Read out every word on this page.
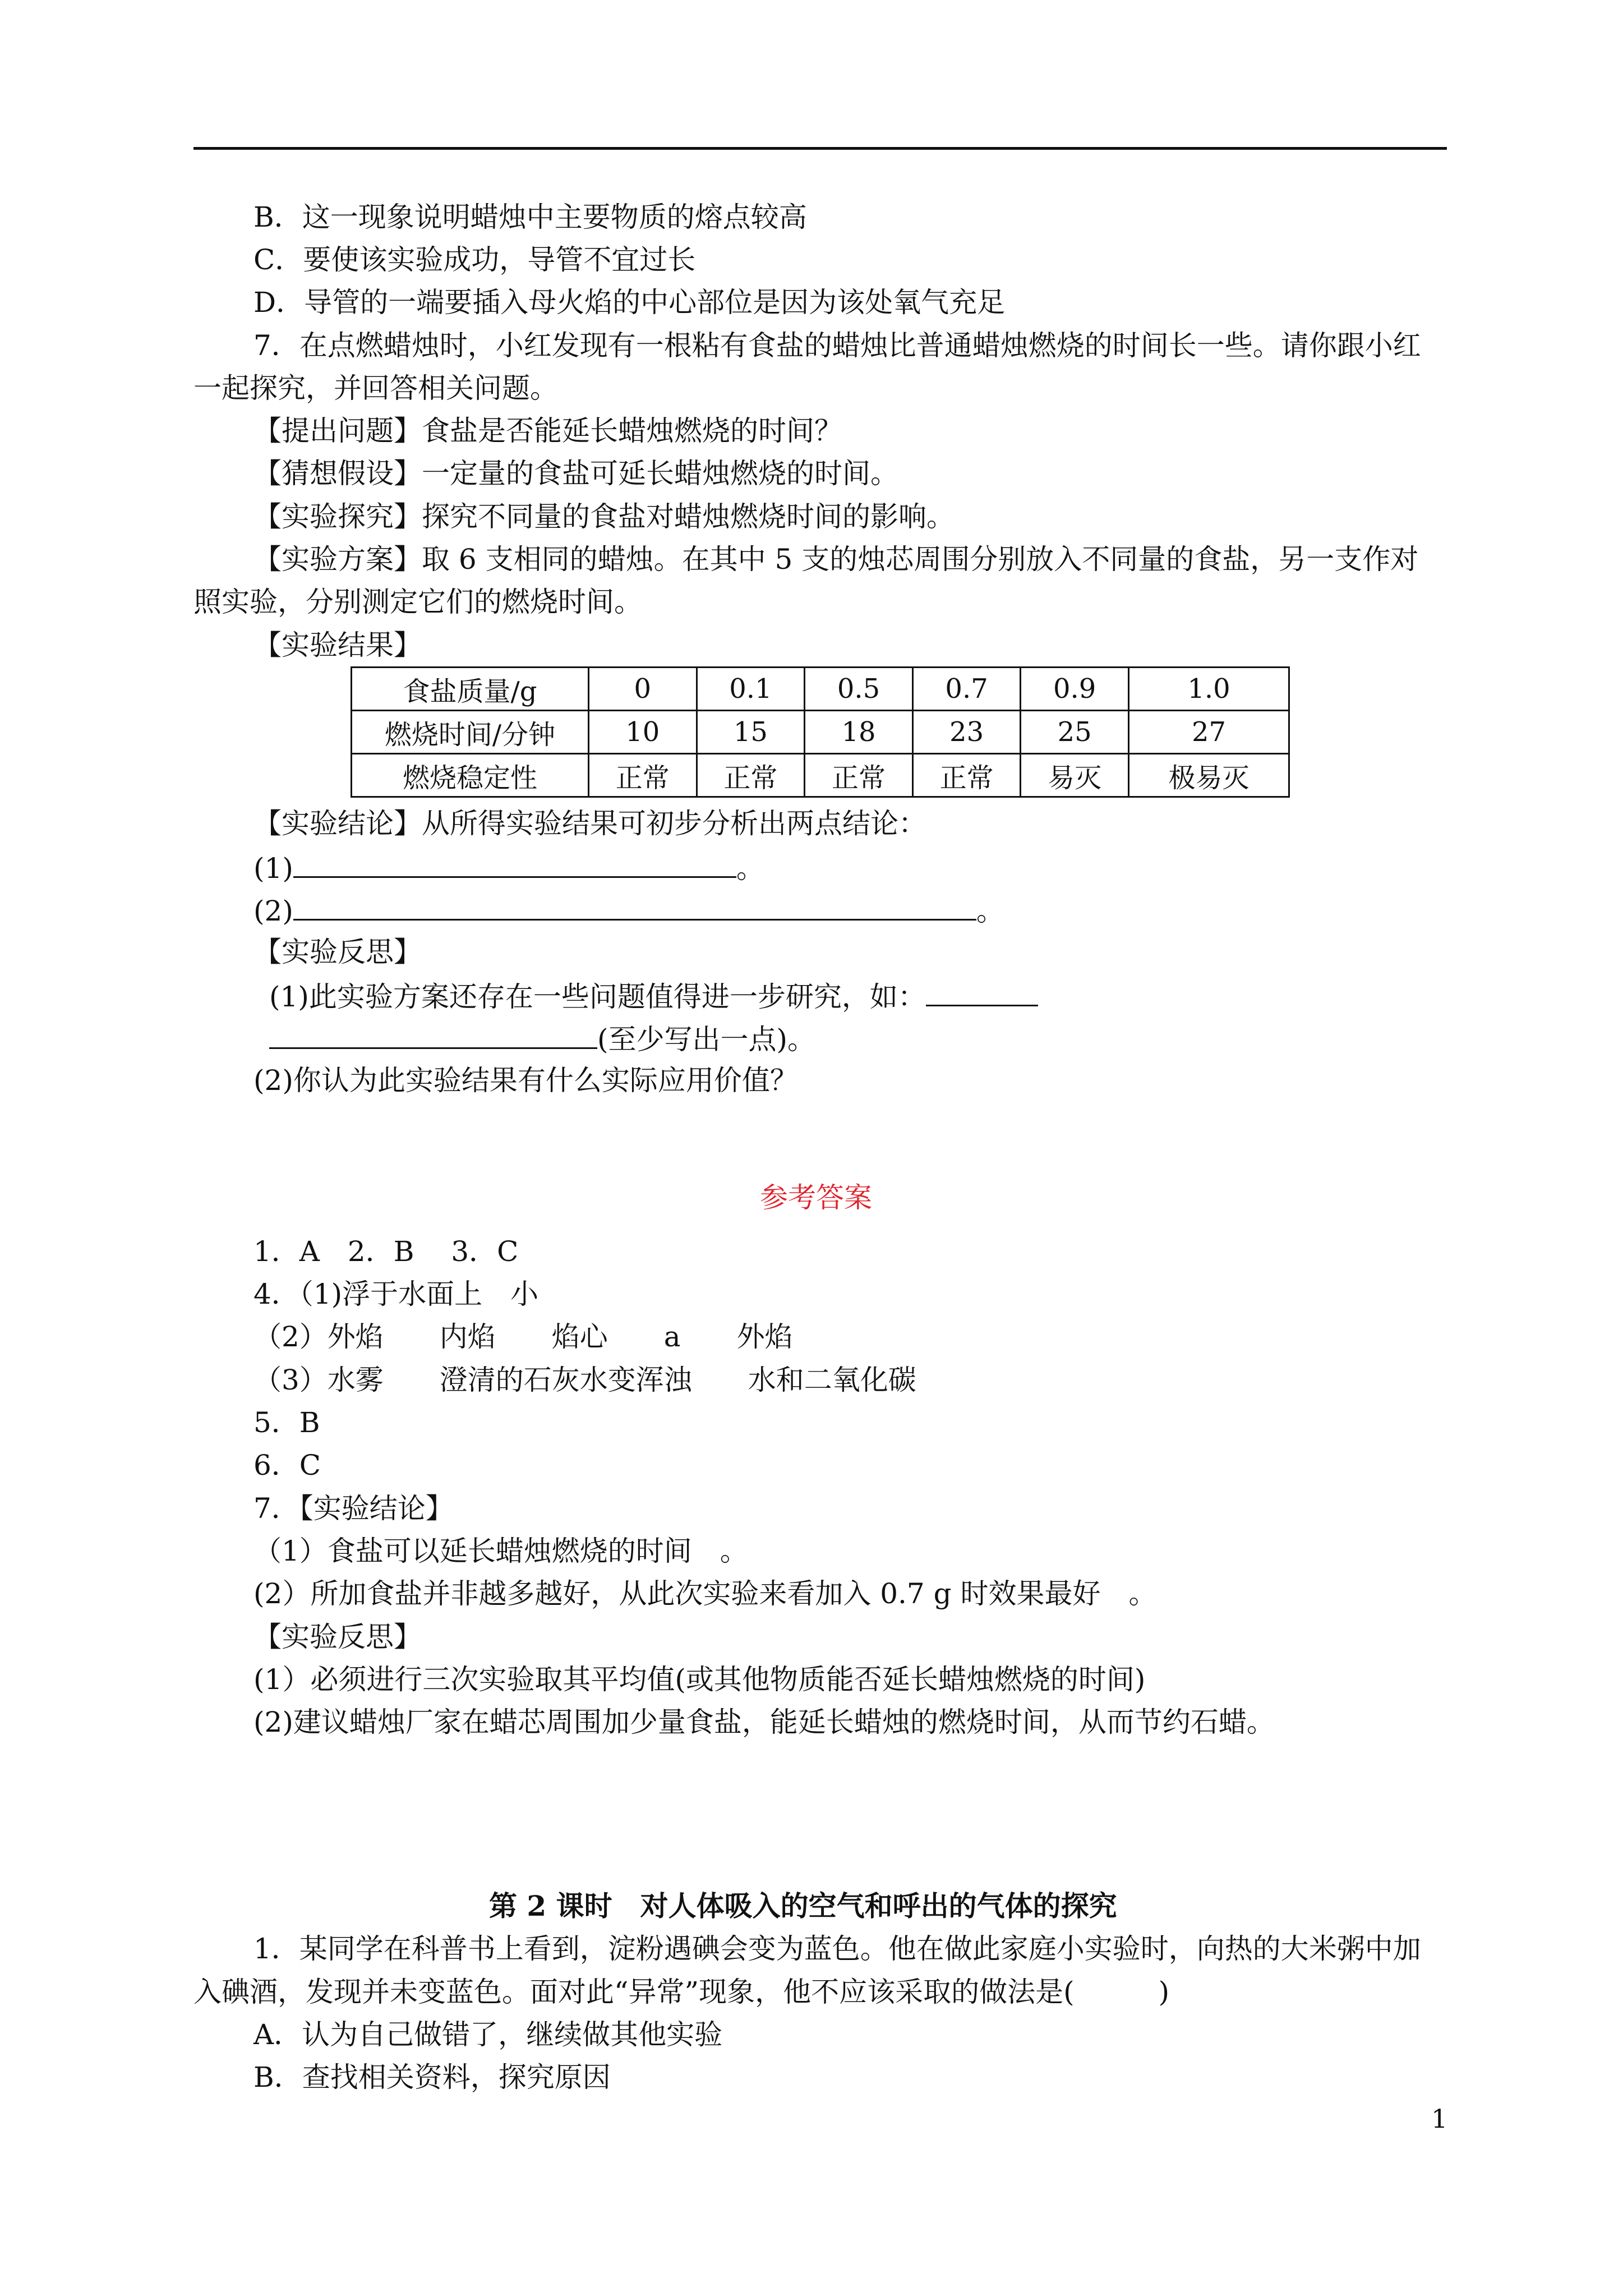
B．这一现象说明蜡烛中主要物质的熔点较高
C．要使该实验成功，导管不宜过长
D．导管的一端要插入母火焰的中心部位是因为该处氧气充足
7．在点燃蜡烛时，小红发现有一根粘有食盐的蜡烛比普通蜡烛燃烧的时间长一些。请你跟小红
一起探究，并回答相关问题。
【提出问题】食盐是否能延长蜡烛燃烧的时间？
【猜想假设】一定量的食盐可延长蜡烛燃烧的时间。
【实验探究】探究不同量的食盐对蜡烛燃烧时间的影响。
【实验方案】取 6 支相同的蜡烛。在其中 5 支的烛芯周围分别放入不同量的食盐，另一支作对
照实验，分别测定它们的燃烧时间。
【实验结果】
食盐质量/g	0	0.1	0.5	0.7	0.9	1.0
燃烧时间/分钟	10	15	18	23	25	27
燃烧稳定性	正常	正常	正常	正常	易灭	极易灭
【实验结论】从所得实验结果可初步分析出两点结论：
(1)	。
(2)	。
【实验反思】
(1)此实验方案还存在一些问题值得进一步研究，如：
(至少写出一点)。
(2)你认为此实验结果有什么实际应用价值？
参考答案
1．A　2．B　 3．C
4．（1)浮于水面上　小
（2）外焰　　内焰　　焰心　　a　　外焰
（3）水雾　　澄清的石灰水变浑浊　　水和二氧化碳
5．B
6．C
7．【实验结论】
（1）食盐可以延长蜡烛燃烧的时间　。
(2）所加食盐并非越多越好，从此次实验来看加入 0.7 g 时效果最好　。
【实验反思】
(1）必须进行三次实验取其平均值(或其他物质能否延长蜡烛燃烧的时间)
(2)建议蜡烛厂家在蜡芯周围加少量食盐，能延长蜡烛的燃烧时间，从而节约石蜡。
第 2 课时　对人体吸入的空气和呼出的气体的探究
1．某同学在科普书上看到，淀粉遇碘会变为蓝色。他在做此家庭小实验时，向热的大米粥中加
入碘酒，发现并未变蓝色。面对此“异常”现象，他不应该采取的做法是(　　　)
A．认为自己做错了，继续做其他实验
B．查找相关资料，探究原因
1
